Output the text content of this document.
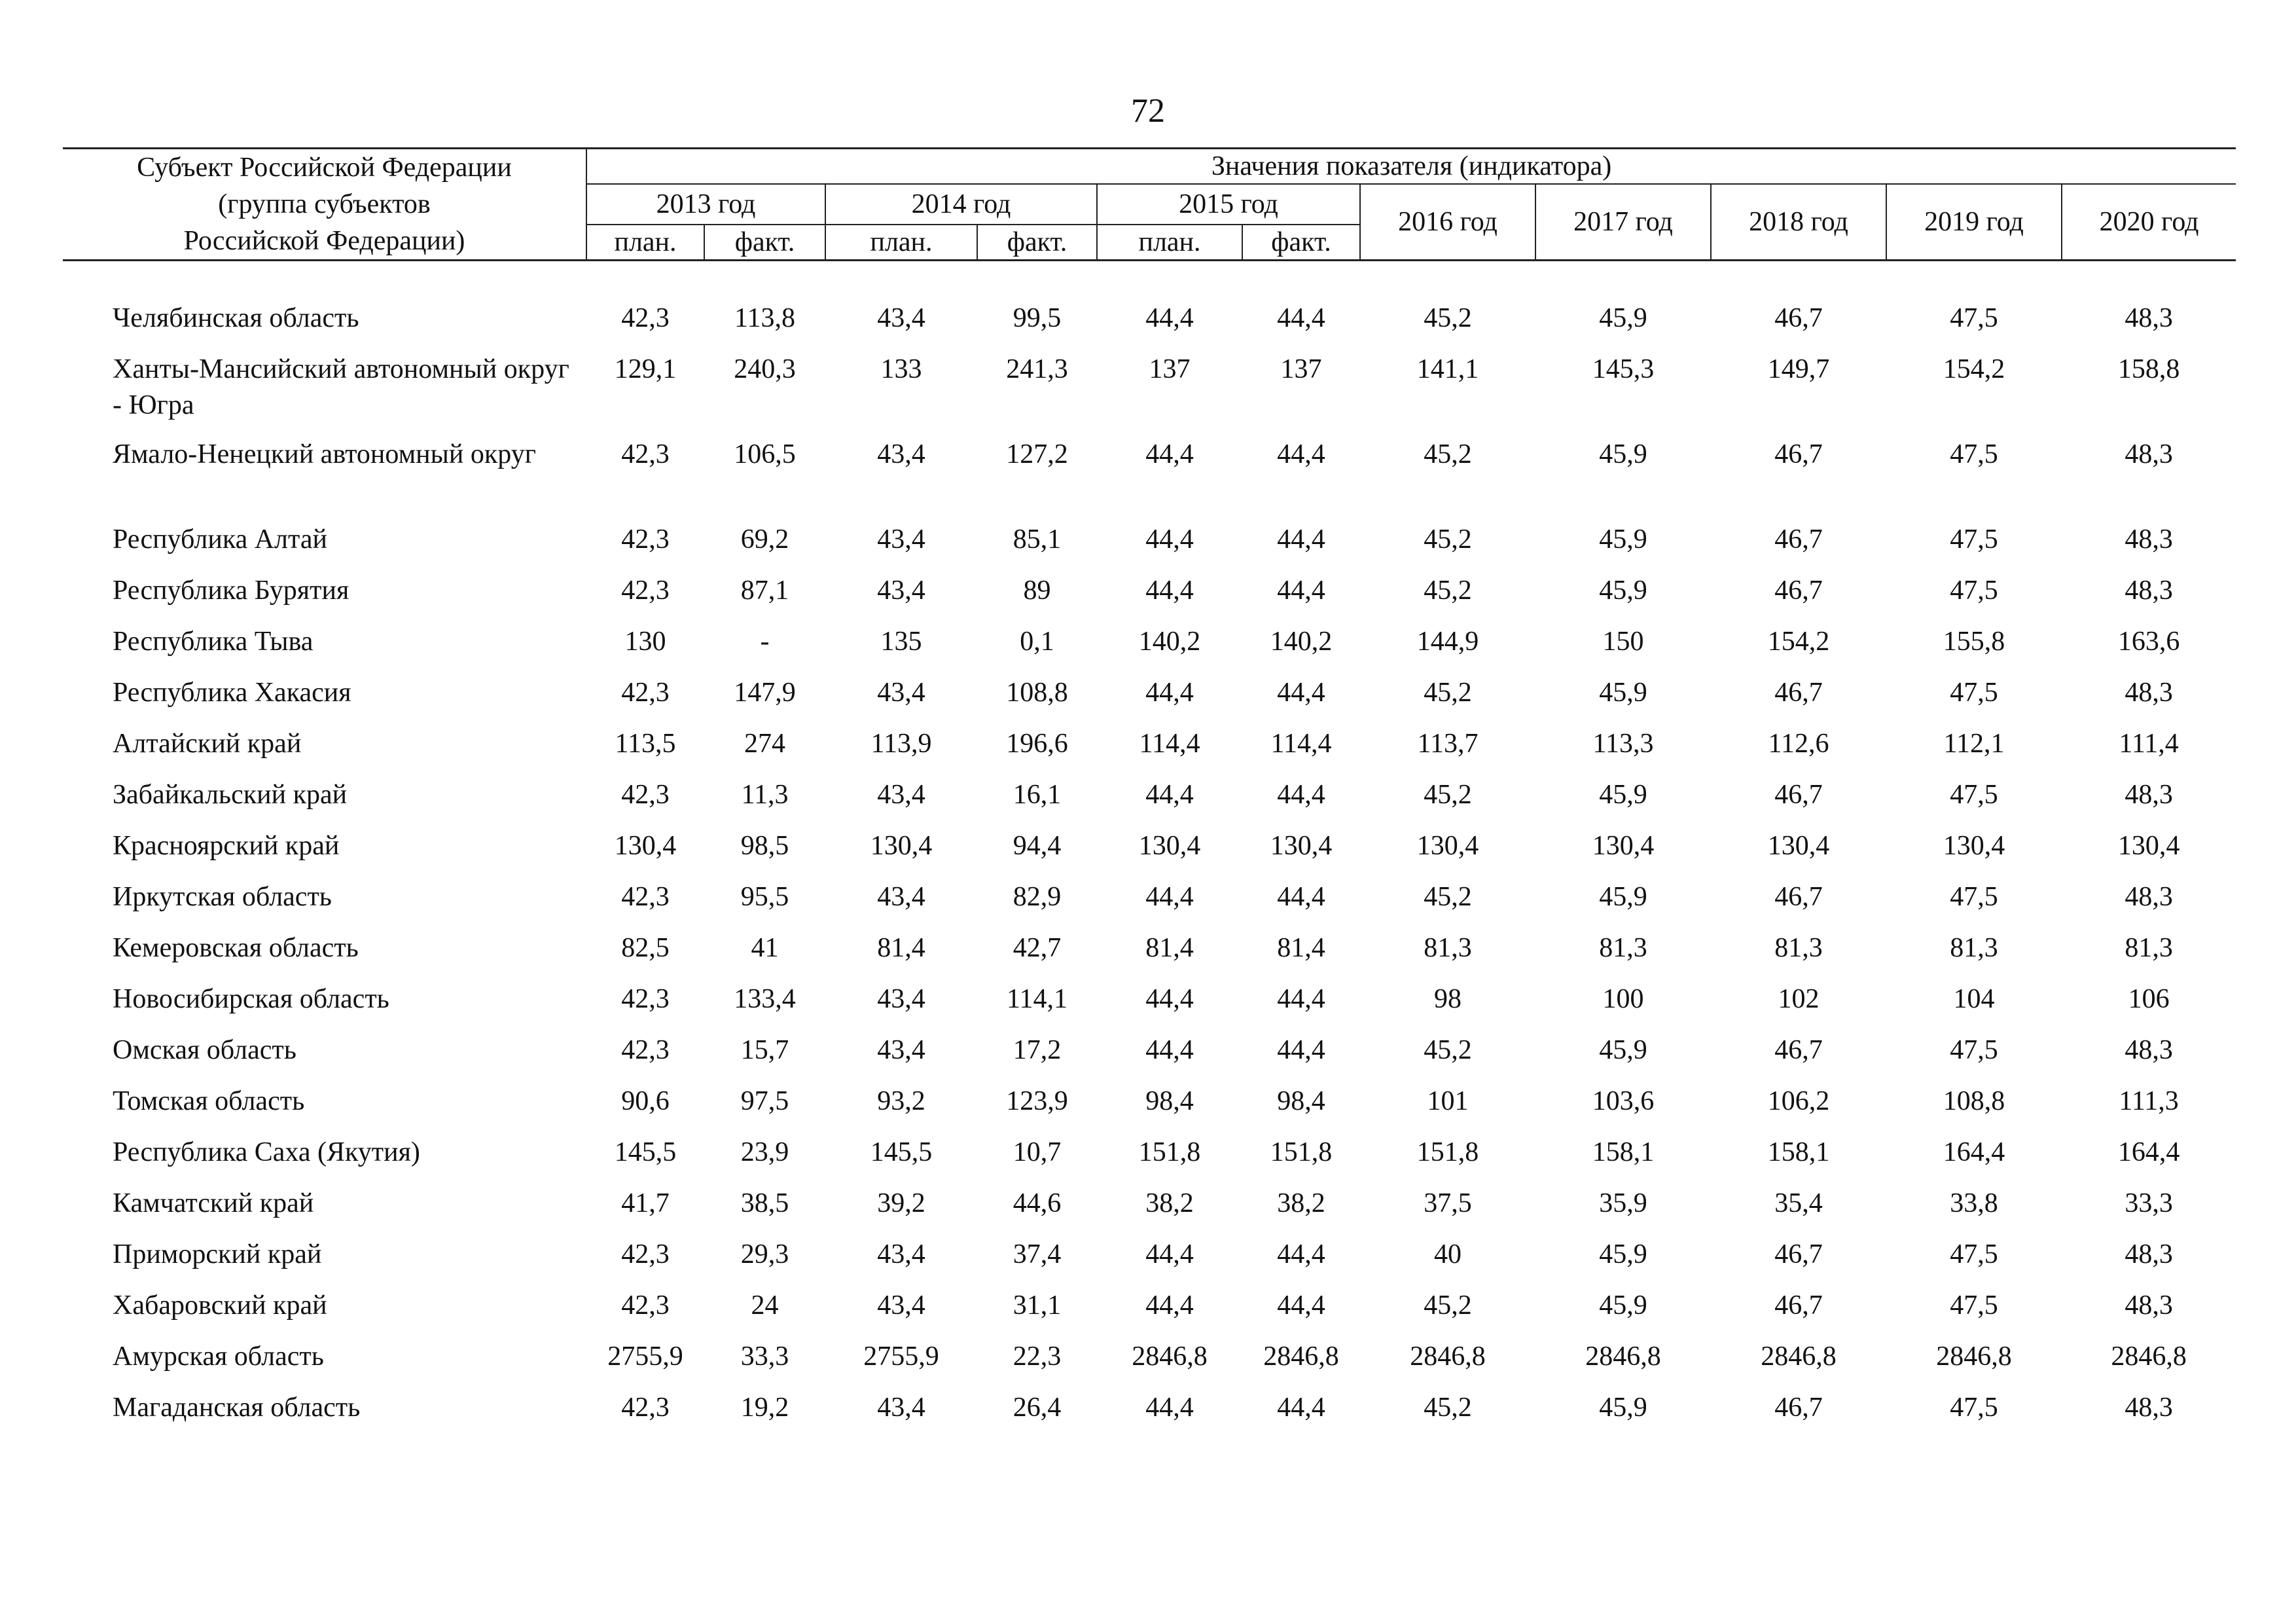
72
Субъект Российской Федерации
(группа субъектов
Российской Федерации)	Значения показателя (индикатора)										
	2013 год		2014 год		2015 год		2016 год	2017 год	2018 год	2019 год	2020 год
	план.	факт.	план.	факт.	план.	факт.					
Челябинская область	42,3	113,8	43,4	99,5	44,4	44,4	45,2	45,9	46,7	47,5	48,3
Ханты-Мансийский автономный округ - Югра	129,1	240,3	133	241,3	137	137	141,1	145,3	149,7	154,2	158,8
Ямало-Ненецкий автономный округ	42,3	106,5	43,4	127,2	44,4	44,4	45,2	45,9	46,7	47,5	48,3
Республика Алтай	42,3	69,2	43,4	85,1	44,4	44,4	45,2	45,9	46,7	47,5	48,3
Республика Бурятия	42,3	87,1	43,4	89	44,4	44,4	45,2	45,9	46,7	47,5	48,3
Республика Тыва	130	-	135	0,1	140,2	140,2	144,9	150	154,2	155,8	163,6
Республика Хакасия	42,3	147,9	43,4	108,8	44,4	44,4	45,2	45,9	46,7	47,5	48,3
Алтайский край	113,5	274	113,9	196,6	114,4	114,4	113,7	113,3	112,6	112,1	111,4
Забайкальский край	42,3	11,3	43,4	16,1	44,4	44,4	45,2	45,9	46,7	47,5	48,3
Красноярский край	130,4	98,5	130,4	94,4	130,4	130,4	130,4	130,4	130,4	130,4	130,4
Иркутская область	42,3	95,5	43,4	82,9	44,4	44,4	45,2	45,9	46,7	47,5	48,3
Кемеровская область	82,5	41	81,4	42,7	81,4	81,4	81,3	81,3	81,3	81,3	81,3
Новосибирская область	42,3	133,4	43,4	114,1	44,4	44,4	98	100	102	104	106
Омская область	42,3	15,7	43,4	17,2	44,4	44,4	45,2	45,9	46,7	47,5	48,3
Томская область	90,6	97,5	93,2	123,9	98,4	98,4	101	103,6	106,2	108,8	111,3
Республика Саха (Якутия)	145,5	23,9	145,5	10,7	151,8	151,8	151,8	158,1	158,1	164,4	164,4
Камчатский край	41,7	38,5	39,2	44,6	38,2	38,2	37,5	35,9	35,4	33,8	33,3
Приморский край	42,3	29,3	43,4	37,4	44,4	44,4	40	45,9	46,7	47,5	48,3
Хабаровский край	42,3	24	43,4	31,1	44,4	44,4	45,2	45,9	46,7	47,5	48,3
Амурская область	2755,9	33,3	2755,9	22,3	2846,8	2846,8	2846,8	2846,8	2846,8	2846,8	2846,8
Магаданская область	42,3	19,2	43,4	26,4	44,4	44,4	45,2	45,9	46,7	47,5	48,3
